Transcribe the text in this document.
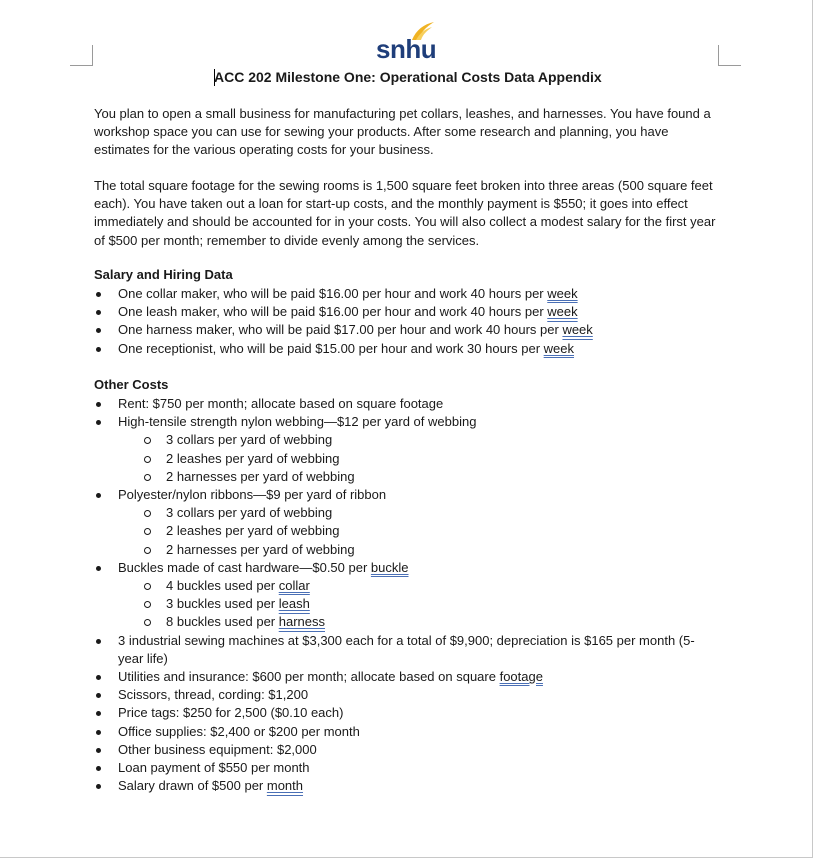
snhu
ACC 202 Milestone One: Operational Costs Data Appendix
You plan to open a small business for manufacturing pet collars, leashes, and harnesses. You have found a workshop space you can use for sewing your products. After some research and planning, you have estimates for the various operating costs for your business.
The total square footage for the sewing rooms is 1,500 square feet broken into three areas (500 square feet each). You have taken out a loan for start-up costs, and the monthly payment is $550; it goes into effect immediately and should be accounted for in your costs. You will also collect a modest salary for the first year of $500 per month; remember to divide evenly among the services.
Salary and Hiring Data
One collar maker, who will be paid $16.00 per hour and work 40 hours per week
One leash maker, who will be paid $16.00 per hour and work 40 hours per week
One harness maker, who will be paid $17.00 per hour and work 40 hours per week
One receptionist, who will be paid $15.00 per hour and work 30 hours per week
Other Costs
Rent: $750 per month; allocate based on square footage
High-tensile strength nylon webbing—$12 per yard of webbing
3 collars per yard of webbing
2 leashes per yard of webbing
2 harnesses per yard of webbing
Polyester/nylon ribbons—$9 per yard of ribbon
3 collars per yard of webbing
2 leashes per yard of webbing
2 harnesses per yard of webbing
Buckles made of cast hardware—$0.50 per buckle
4 buckles used per collar
3 buckles used per leash
8 buckles used per harness
3 industrial sewing machines at $3,300 each for a total of $9,900; depreciation is $165 per month (5-year life)
Utilities and insurance: $600 per month; allocate based on square footage
Scissors, thread, cording: $1,200
Price tags: $250 for 2,500 ($0.10 each)
Office supplies: $2,400 or $200 per month
Other business equipment: $2,000
Loan payment of $550 per month
Salary drawn of $500 per month
